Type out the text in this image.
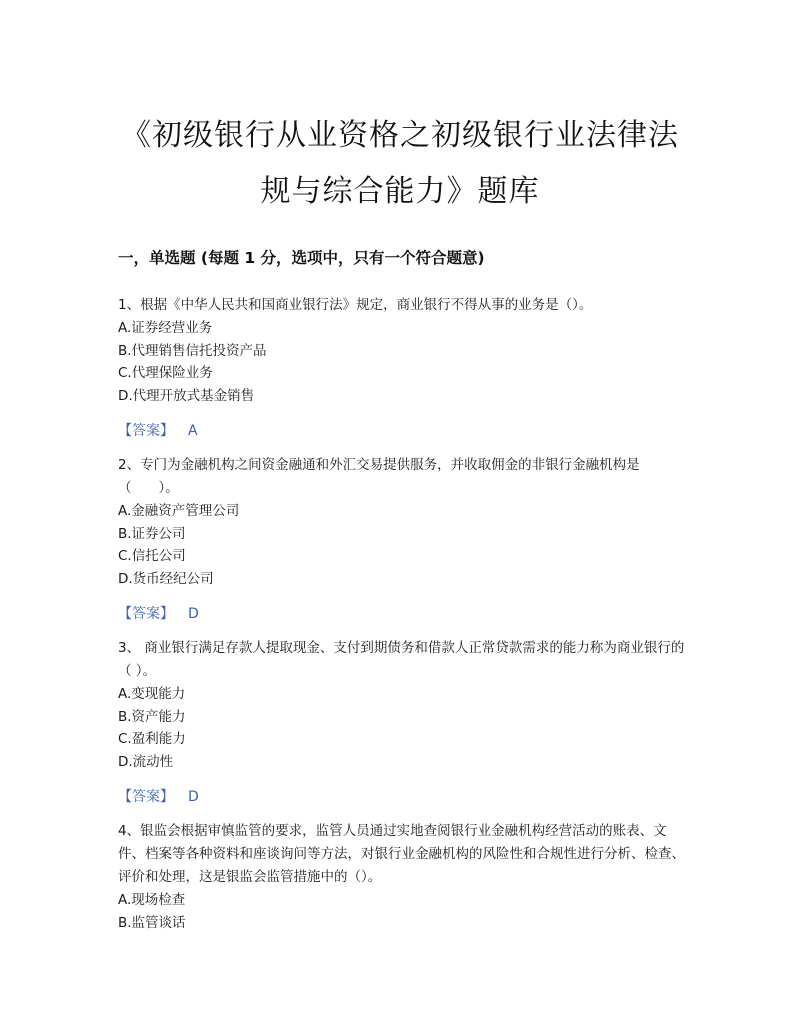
《初级银行从业资格之初级银行业法律法规与综合能力》题库
一，单选题 (每题 1 分，选项中，只有一个符合题意)

1、根据《中华人民共和国商业银行法》规定，商业银行不得从事的业务是（）。

A.证券经营业务

B.代理销售信托投资产品

C.代理保险业务

D.代理开放式基金销售

【答案】 A

2、专门为金融机构之间资金融通和外汇交易提供服务，并收取佣金的非银行金融机构是（　　）。

A.金融资产管理公司

B.证券公司

C.信托公司

D.货币经纪公司

【答案】 D

3、 商业银行满足存款人提取现金、支付到期债务和借款人正常贷款需求的能力称为商业银行的（ ）。

A.变现能力

B.资产能力

C.盈利能力

D.流动性

【答案】 D

4、银监会根据审慎监管的要求，监管人员通过实地查阅银行业金融机构经营活动的账表、文件、档案等各种资料和座谈询问等方法，对银行业金融机构的风险性和合规性进行分析、检查、评价和处理，这是银监会监管措施中的（）。

A.现场检查

B.监管谈话
